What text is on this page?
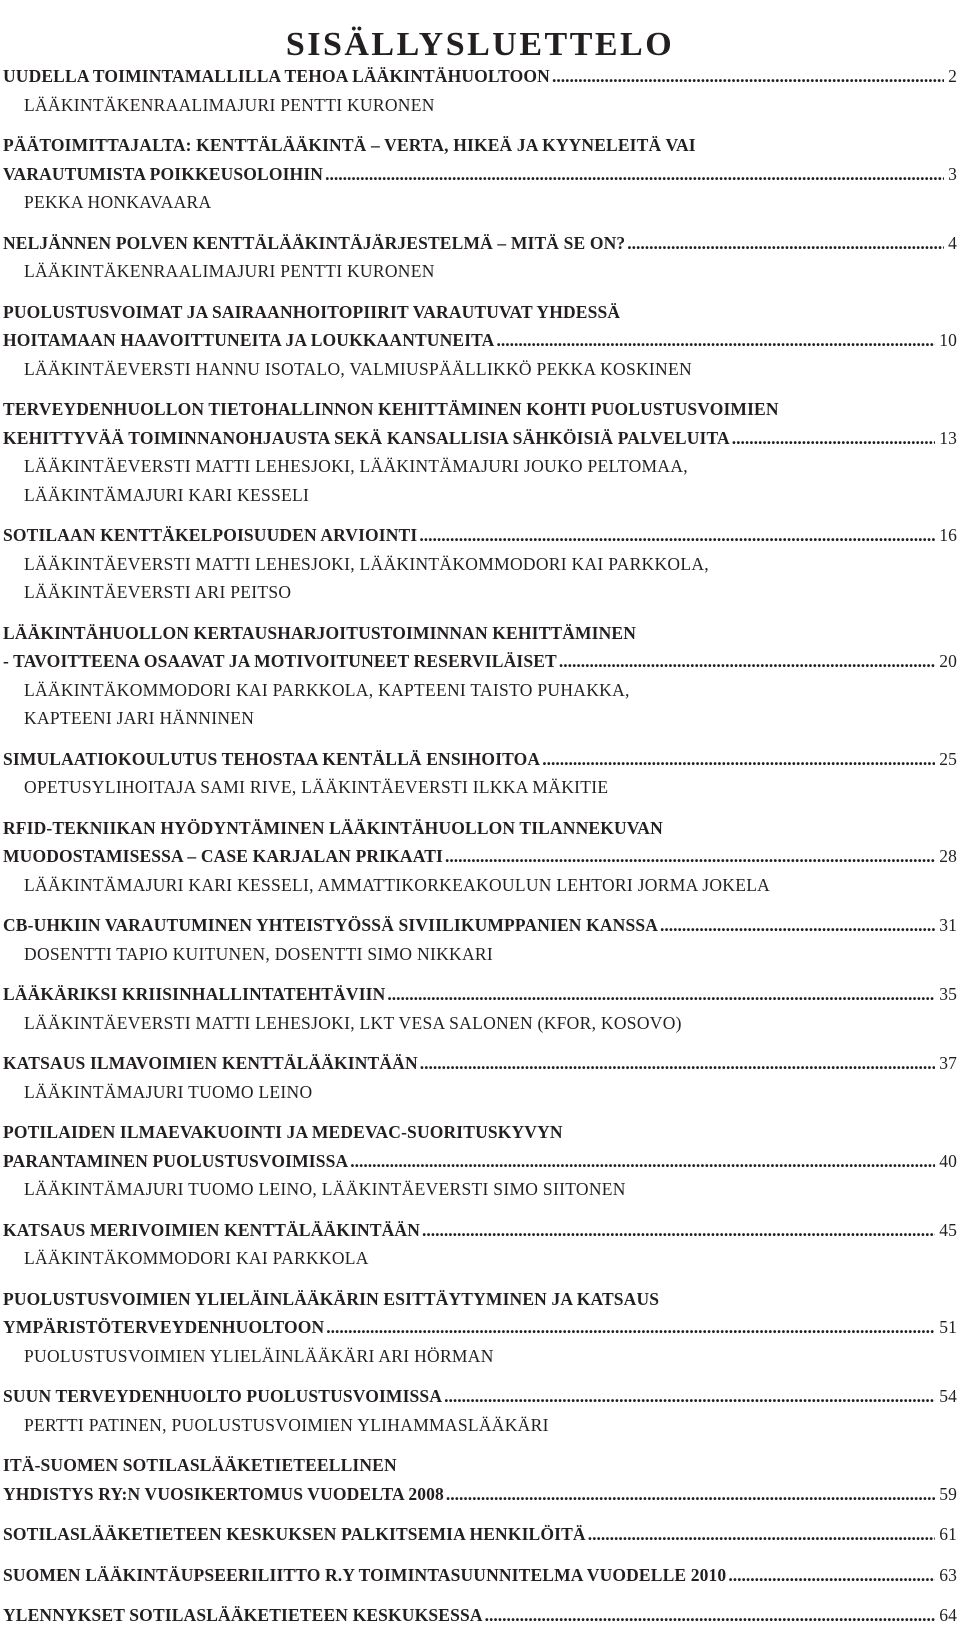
SISÄLLYSLUETTELO
UUDELLA TOIMINTAMALLILLA TEHOA LÄÄKINTÄHUOLTOON .....	2
LÄÄKINTÄKENRAALIMAJURI PENTTI KURONEN
PÄÄTOIMITTAJALTA: KENTTÄLÄÄKINTÄ – VERTA, HIKEÄ JA KYYNELEITÄ VAI
VARAUTUMISTA POIKKEUSOLOIHIN .....	3
PEKKA HONKAVAARA
NELJÄNNEN POLVEN KENTTÄLÄÄKINTÄJÄRJESTELMÄ – MITÄ SE ON? .....	4
LÄÄKINTÄKENRAALIMAJURI PENTTI KURONEN
PUOLUSTUSVOIMAT JA SAIRAANHOITOPIIRIT VARAUTUVAT YHDESSÄ
HOITAMAAN HAAVOITTUNEITA JA LOUKKAANTUNEITA .....	10
LÄÄKINTÄEVERSTI HANNU ISOTALO, VALMIUSPÄÄLLIKKÖ PEKKA KOSKINEN
TERVEYDENHUOLLON TIETOHALLINNON KEHITTÄMINEN KOHTI PUOLUSTUSVOIMIEN
KEHITTYVÄÄ TOIMINNANOHJAUSTA SEKÄ KANSALLISIA SÄHKÖISIÄ PALVELUITA .....	13
LÄÄKINTÄEVERSTI MATTI LEHESJOKI, LÄÄKINTÄMAJURI JOUKO PELTOMAA,
LÄÄKINTÄMAJURI KARI KESSELI
SOTILAAN KENTTÄKELPOISUUDEN ARVIOINTI .....	16
LÄÄKINTÄEVERSTI MATTI LEHESJOKI, LÄÄKINTÄKOMMODORI KAI PARKKOLA,
LÄÄKINTÄEVERSTI ARI PEITSO
LÄÄKINTÄHUOLLON KERTAUSHARJOITUSTOIMINNAN KEHITTÄMINEN
- TAVOITTEENA OSAAVAT JA MOTIVOITUNEET RESERVILÄISET .....	20
LÄÄKINTÄKOMMODORI KAI PARKKOLA, KAPTEENI TAISTO PUHAKKA,
KAPTEENI JARI HÄNNINEN
SIMULAATIOKOULUTUS TEHOSTAA KENTÄLLÄ ENSIHOITOA .....	25
OPETUSYLIHOITAJA SAMI RIVE, LÄÄKINTÄEVERSTI ILKKA MÄKITIE
RFID-TEKNIIKAN HYÖDYNTÄMINEN LÄÄKINTÄHUOLLON TILANNEKUVAN
MUODOSTAMISESSA – CASE KARJALAN PRIKAATI .....	28
LÄÄKINTÄMAJURI KARI KESSELI, AMMATTIKORKEAKOULUN LEHTORI JORMA JOKELA
CB-UHKIIN VARAUTUMINEN YHTEISTYÖSSÄ SIVIILIKUMPPANIEN KANSSA .....	31
DOSENTTI TAPIO KUITUNEN, DOSENTTI SIMO NIKKARI
LÄÄKÄRIKSI KRIISINHALLINTATEHTÄVIIN .....	35
LÄÄKINTÄEVERSTI MATTI LEHESJOKI, LKT VESA SALONEN (KFOR, KOSOVO)
KATSAUS ILMAVOIMIEN KENTTÄLÄÄKINTÄÄN .....	37
LÄÄKINTÄMAJURI TUOMO LEINO
POTILAIDEN ILMAEVAKUOINTI JA MEDEVAC-SUORITUSKYVYN
PARANTAMINEN PUOLUSTUSVOIMISSA .....	40
LÄÄKINTÄMAJURI TUOMO LEINO, LÄÄKINTÄEVERSTI SIMO SIITONEN
KATSAUS MERIVOIMIEN KENTTÄLÄÄKINTÄÄN .....	45
LÄÄKINTÄKOMMODORI KAI PARKKOLA
PUOLUSTUSVOIMIEN YLIELÄINLÄÄKÄRIN ESITTÄYTYMINEN JA KATSAUS
YMPÄRISTÖTERVEYDENHUOLTOON .....	51
PUOLUSTUSVOIMIEN YLIELÄINLÄÄKÄRI ARI HÖRMAN
SUUN TERVEYDENHUOLTO PUOLUSTUSVOIMISSA .....	54
PERTTI PATINEN, PUOLUSTUSVOIMIEN YLIHAMMASLÄÄKÄRI
ITÄ-SUOMEN SOTILASLÄÄKETIETEELLINEN
YHDISTYS RY:N VUOSIKERTOMUS VUODELTA 2008 .....	59
SOTILASLÄÄKETIETEEN KESKUKSEN PALKITSEMIA HENKILÖITÄ .....	61
SUOMEN LÄÄKINTÄUPSEERILIITTO R.Y TOIMINTASUUNNITELMA VUODELLE 2010 .....	63
YLENNYKSET SOTILASLÄÄKETIETEEN KESKUKSESSA .....	64
